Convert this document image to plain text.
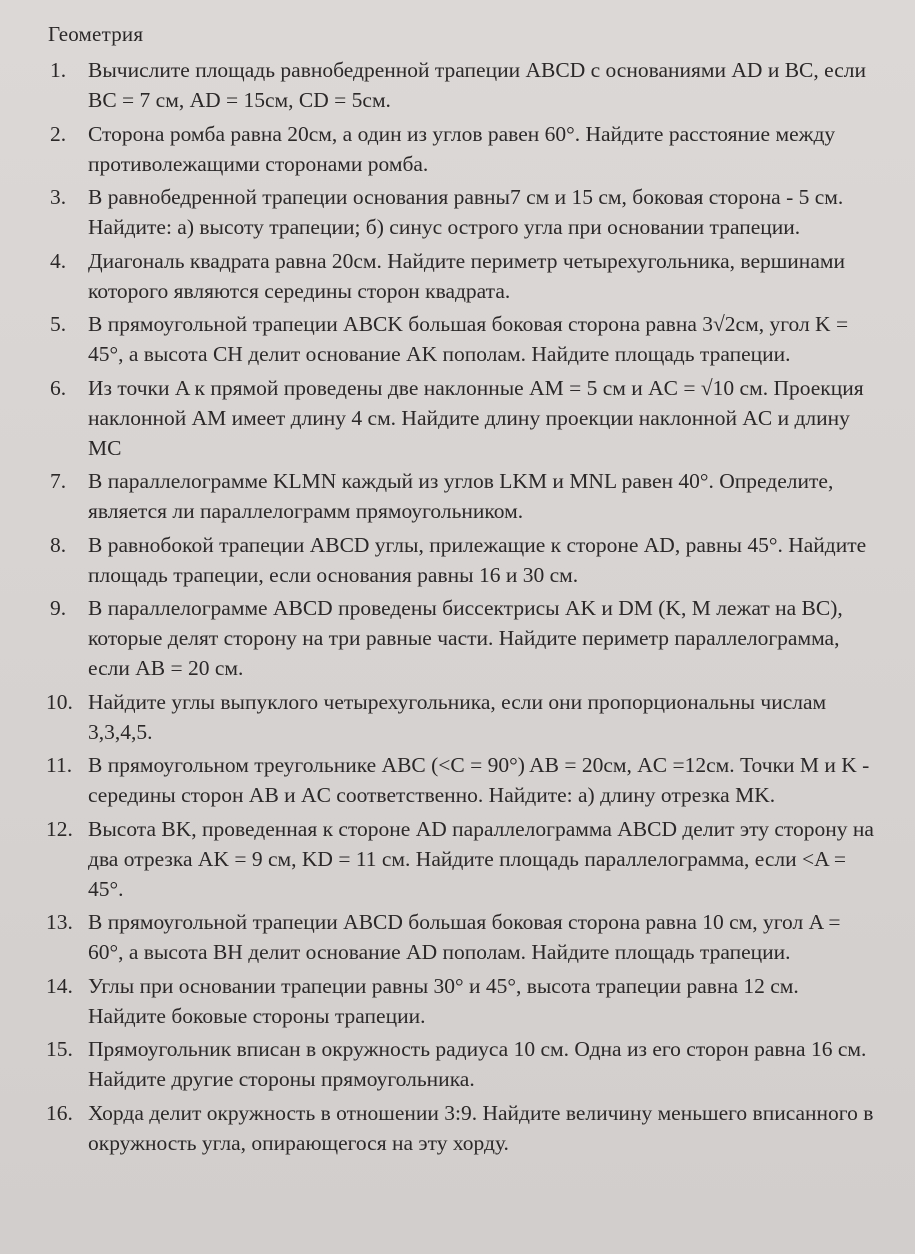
Геометрия
1.	Вычислите площадь равнобедренной трапеции ABCD с основаниями AD и BC, если BC = 7 см, AD = 15см, CD = 5см.
2.	Сторона ромба равна 20см, а один из углов равен 60°. Найдите расстояние между противолежащими сторонами ромба.
3.	В равнобедренной трапеции основания равны7 см и 15 см, боковая сторона - 5 см. Найдите: а) высоту трапеции; б) синус острого угла при основании трапеции.
4.	Диагональ квадрата равна 20см. Найдите периметр четырехугольника, вершинами которого являются середины сторон квадрата.
5.	В прямоугольной трапеции ABCK большая боковая сторона равна 3√2см, угол K = 45°, а высота CH делит основание AK пополам. Найдите площадь трапеции.
6.	Из точки A к прямой проведены две наклонные AM = 5 см и AC = √10 см. Проекция наклонной AM имеет длину 4 см. Найдите длину проекции наклонной AC и длину MC
7.	В параллелограмме KLMN каждый из углов LKM и MNL равен 40°. Определите, является ли параллелограмм прямоугольником.
8.	В равнобокой трапеции ABCD углы, прилежащие к стороне AD, равны 45°. Найдите площадь трапеции, если основания равны 16 и 30 см.
9.	В параллелограмме ABCD проведены биссектрисы AK и DM (K, M лежат на BC), которые делят сторону на три равные части. Найдите периметр параллелограмма, если AB = 20 см.
10. Найдите углы выпуклого четырехугольника, если они пропорциональны числам 3,3,4,5.
11. В прямоугольном треугольнике ABC (<C = 90°) AB = 20см, AC =12см. Точки M и K - середины сторон AB и AC соответственно. Найдите: а) длину отрезка MK.
12. Высота BK, проведенная к стороне AD параллелограмма ABCD делит эту сторону на два отрезка AK = 9 см, KD = 11 см. Найдите площадь параллелограмма, если <A = 45°.
13. В прямоугольной трапеции ABCD большая боковая сторона равна 10 см, угол A = 60°, а высота BH делит основание AD пополам. Найдите площадь трапеции.
14. Углы при основании трапеции равны 30° и 45°, высота трапеции равна 12 см. Найдите боковые стороны трапеции.
15. Прямоугольник вписан в окружность радиуса 10 см. Одна из его сторон равна 16 см. Найдите другие стороны прямоугольника.
16. Хорда делит окружность в отношении 3:9. Найдите величину меньшего вписанного в окружность угла, опирающегося на эту хорду.
